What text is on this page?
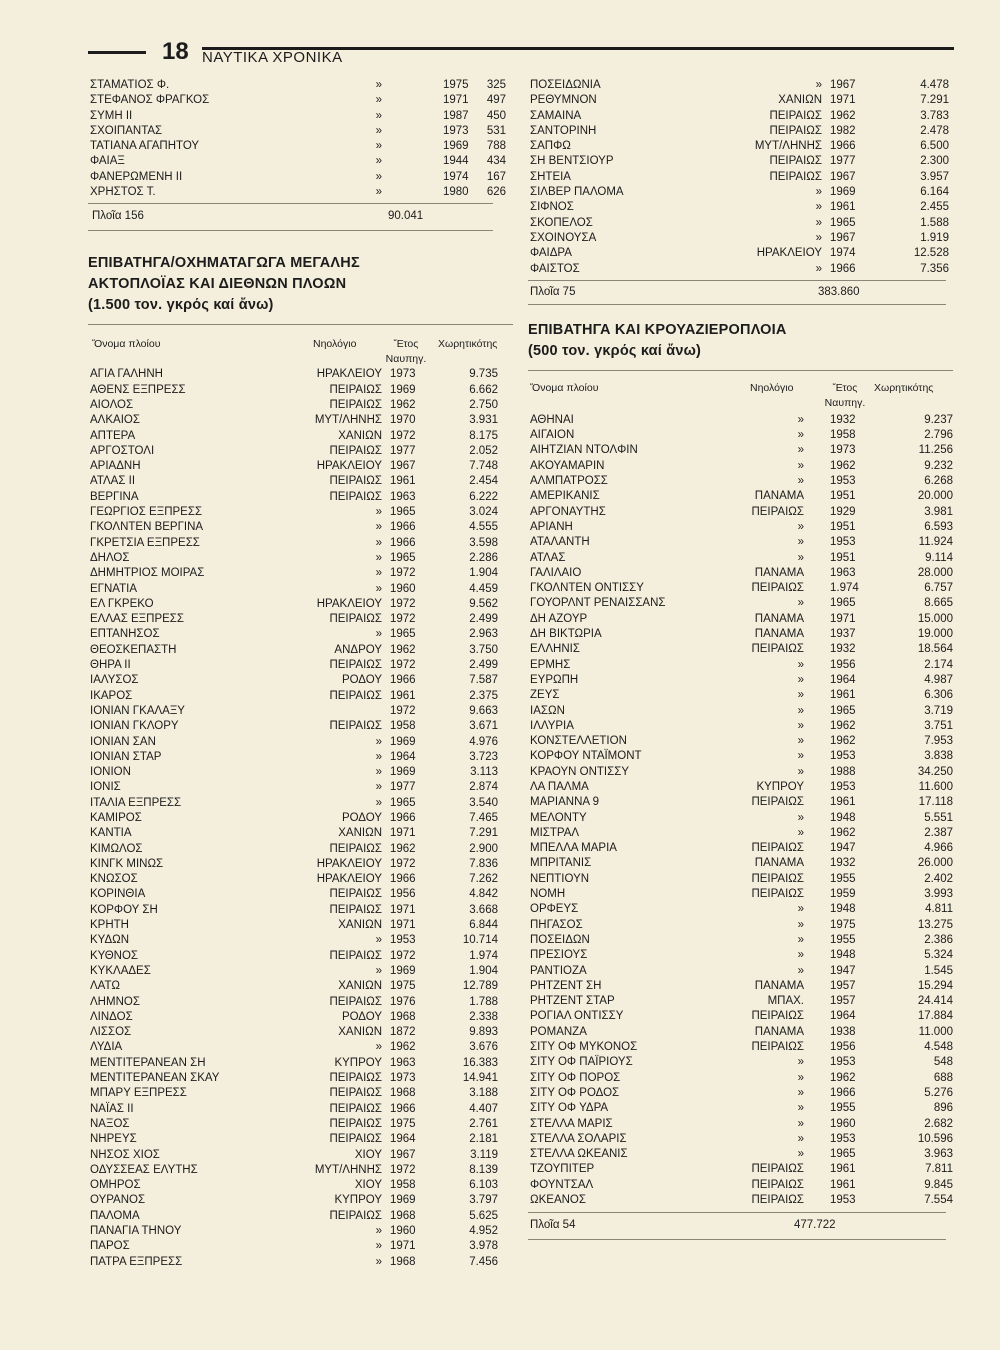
18 ΝΑΥΤΙΚΑ ΧΡΟΝΙΚΑ
ΣΤΑΜΑΤΙΟΣ Φ.	»	1975 325
ΣΤΕΦΑΝΟΣ ΦΡΑΓΚΟΣ	»	1971 497
ΣΥΜΗ ΙΙ	»	1987 450
ΣΧΟΙΠΑΝΤΑΣ	»	1973 531
ΤΑΤΙΑΝΑ ΑΓΑΠΗΤΟΥ	»	1969 788
ΦΑΙΑΞ	»	1944 434
ΦΑΝΕΡΩΜΕΝΗ ΙΙ	»	1974 167
ΧΡΗΣΤΟΣ Τ.	»	1980 626
Πλοῖα 156	90.041
ΕΠΙΒΑΤΗΓΑ/ΟΧΗΜΑΤΑΓΩΓΑ ΜΕΓΑΛΗΣ
ΑΚΤΟΠΛΟΪΑΣ ΚΑΙ ΔΙΕΘΝΩΝ ΠΛΟΩΝ
(1.500 τον. γκρός καί ἄνω)
Ὄνομα πλοίου	Νηολόγιο	Ἔτος
Ναυπηγ.
Χωρητικότης
ΑΓΙΑ ΓΑΛΗΝΗ	ΗΡΑΚΛΕΙΟΥ 1973	9.735
ΑΘΕΝΣ ΕΞΠΡΕΣΣ	ΠΕΙΡΑΙΩΣ 1969	6.662
ΑΙΟΛΟΣ	ΠΕΙΡΑΙΩΣ 1962	2.750
ΑΛΚΑΙΟΣ	ΜΥΤ/ΛΗΝΗΣ 1970	3.931
ΑΠΤΕΡΑ	ΧΑΝΙΩΝ 1972	8.175
ΑΡΓΟΣΤΟΛΙ	ΠΕΙΡΑΙΩΣ 1977	2.052
ΑΡΙΑΔΝΗ	ΗΡΑΚΛΕΙΟΥ 1967	7.748
ΑΤΛΑΣ ΙΙ	ΠΕΙΡΑΙΩΣ 1961	2.454
ΒΕΡΓΙΝΑ	ΠΕΙΡΑΙΩΣ 1963	6.222
ΓΕΩΡΓΙΟΣ ΕΞΠΡΕΣΣ	» 1965	3.024
ΓΚΟΛΝΤΕΝ ΒΕΡΓΙΝΑ	» 1966	4.555
ΓΚΡΕΤΣΙΑ ΕΞΠΡΕΣΣ	» 1966	3.598
ΔΗΛΟΣ	» 1965	2.286
ΔΗΜΗΤΡΙΟΣ ΜΟΙΡΑΣ	» 1972	1.904
ΕΓΝΑΤΙΑ	» 1960	4.459
ΕΛ ΓΚΡΕΚΟ	ΗΡΑΚΛΕΙΟΥ 1972	9.562
ΕΛΛΑΣ ΕΞΠΡΕΣΣ	ΠΕΙΡΑΙΩΣ 1972	2.499
ΕΠΤΑΝΗΣΟΣ	» 1965	2.963
ΘΕΟΣΚΕΠΑΣΤΗ	ΑΝΔΡΟΥ 1962	3.750
ΘΗΡΑ ΙΙ	ΠΕΙΡΑΙΩΣ 1972	2.499
ΙΑΛΥΣΟΣ	ΡΟΔΟΥ 1966	7.587
ΙΚΑΡΟΣ	ΠΕΙΡΑΙΩΣ 1961	2.375
ΙΟΝΙΑΝ ΓΚΑΛΑΞΥ	1972	9.663
ΙΟΝΙΑΝ ΓΚΛΟΡΥ	ΠΕΙΡΑΙΩΣ 1958	3.671
ΙΟΝΙΑΝ ΣΑΝ	» 1969	4.976
ΙΟΝΙΑΝ ΣΤΑΡ	» 1964	3.723
ΙΟΝΙΟΝ	» 1969	3.113
ΙΟΝΙΣ	» 1977	2.874
ΙΤΑΛΙΑ ΕΞΠΡΕΣΣ	» 1965	3.540
ΚΑΜΙΡΟΣ	ΡΟΔΟΥ 1966	7.465
ΚΑΝΤΙΑ	ΧΑΝΙΩΝ 1971	7.291
ΚΙΜΩΛΟΣ	ΠΕΙΡΑΙΩΣ 1962	2.900
ΚΙΝΓΚ ΜΙΝΩΣ	ΗΡΑΚΛΕΙΟΥ 1972	7.836
ΚΝΩΣΟΣ	ΗΡΑΚΛΕΙΟΥ 1966	7.262
ΚΟΡΙΝΘΙΑ	ΠΕΙΡΑΙΩΣ 1956	4.842
ΚΟΡΦΟΥ ΣΗ	ΠΕΙΡΑΙΩΣ 1971	3.668
ΚΡΗΤΗ	ΧΑΝΙΩΝ 1971	6.844
ΚΥΔΩΝ	» 1953	10.714
ΚΥΘΝΟΣ	ΠΕΙΡΑΙΩΣ 1972	1.974
ΚΥΚΛΑΔΕΣ	» 1969	1.904
ΛΑΤΩ	ΧΑΝΙΩΝ 1975	12.789
ΛΗΜΝΟΣ	ΠΕΙΡΑΙΩΣ 1976	1.788
ΛΙΝΔΟΣ	ΡΟΔΟΥ 1968	2.338
ΛΙΣΣΟΣ	ΧΑΝΙΩΝ 1872	9.893
ΛΥΔΙΑ	» 1962	3.676
ΜΕΝΤΙΤΕΡΑΝΕΑΝ ΣΗ	ΚΥΠΡΟΥ 1963	16.383
ΜΕΝΤΙΤΕΡΑΝΕΑΝ ΣΚΑΥ	ΠΕΙΡΑΙΩΣ 1973	14.941
ΜΠΑΡΥ ΕΞΠΡΕΣΣ	ΠΕΙΡΑΙΩΣ 1968	3.188
ΝΑΪΑΣ ΙΙ	ΠΕΙΡΑΙΩΣ 1966	4.407
ΝΑΞΟΣ	ΠΕΙΡΑΙΩΣ 1975	2.761
ΝΗΡΕΥΣ	ΠΕΙΡΑΙΩΣ 1964	2.181
ΝΗΣΟΣ ΧΙΟΣ	ΧΙΟΥ 1967	3.119
ΟΔΥΣΣΕΑΣ ΕΛΥΤΗΣ	ΜΥΤ/ΛΗΝΗΣ 1972	8.139
ΟΜΗΡΟΣ	ΧΙΟΥ 1958	6.103
ΟΥΡΑΝΟΣ	ΚΥΠΡΟΥ 1969	3.797
ΠΑΛΟΜΑ	ΠΕΙΡΑΙΩΣ 1968	5.625
ΠΑΝΑΓΙΑ ΤΗΝΟΥ	» 1960	4.952
ΠΑΡΟΣ	» 1971	3.978
ΠΑΤΡΑ ΕΞΠΡΕΣΣ	» 1968	7.456
ΠΟΣΕΙΔΩΝΙΑ	» 1967	4.478
ΡΕΘΥΜΝΟΝ	ΧΑΝΙΩΝ 1971	7.291
ΣΑΜΑΙΝΑ	ΠΕΙΡΑΙΩΣ 1962	3.783
ΣΑΝΤΟΡΙΝΗ	ΠΕΙΡΑΙΩΣ 1982	2.478
ΣΑΠΦΩ	ΜΥΤ/ΛΗΝΗΣ 1966	6.500
ΣΗ ΒΕΝΤΣΙΟΥΡ	ΠΕΙΡΑΙΩΣ 1977	2.300
ΣΗΤΕΙΑ	ΠΕΙΡΑΙΩΣ 1967	3.957
ΣΙΛΒΕΡ ΠΑΛΟΜΑ	» 1969	6.164
ΣΙΦΝΟΣ	» 1961	2.455
ΣΚΟΠΕΛΟΣ	» 1965	1.588
ΣΧΟΙΝΟΥΣΑ	» 1967	1.919
ΦΑΙΔΡΑ	ΗΡΑΚΛΕΙΟΥ 1974	12.528
ΦΑΙΣΤΟΣ	» 1966	7.356
Πλοῖα 75	383.860
ΕΠΙΒΑΤΗΓΑ ΚΑΙ ΚΡΟΥΑΖΙΕΡΟΠΛΟΙΑ
(500 τον. γκρός καί ἄνω)
Ὄνομα πλοίου	Νηολόγιο	Ἔτος
Ναυπηγ.
Χωρητικότης
ΑΘΗΝΑΙ	» 1932	9.237
ΑΙΓΑΙΟΝ	» 1958	2.796
ΑΙΗΤΖΙΑΝ ΝΤΟΛΦΙΝ	» 1973	11.256
ΑΚΟΥΑΜΑΡΙΝ	» 1962	9.232
ΑΛΜΠΑΤΡΟΣΣ	» 1953	6.268
ΑΜΕΡΙΚΑΝΙΣ	ΠΑΝΑΜΑ 1951	20.000
ΑΡΓΟΝΑΥΤΗΣ	ΠΕΙΡΑΙΩΣ 1929	3.981
ΑΡΙΑΝΗ	» 1951	6.593
ΑΤΑΛΑΝΤΗ	» 1953	11.924
ΑΤΛΑΣ	» 1951	9.114
ΓΑΛΙΛΑΙΟ	ΠΑΝΑΜΑ 1963	28.000
ΓΚΟΛΝΤΕΝ ΟΝΤΙΣΣΥ	ΠΕΙΡΑΙΩΣ 1.974	6.757
ΓΟΥΟΡΛΝΤ ΡΕΝΑΙΣΣΑΝΣ	» 1965	8.665
ΔΗ ΑΖΟΥΡ	ΠΑΝΑΜΑ 1971	15.000
ΔΗ ΒΙΚΤΩΡΙΑ	ΠΑΝΑΜΑ 1937	19.000
ΕΛΛΗΝΙΣ	ΠΕΙΡΑΙΩΣ 1932	18.564
ΕΡΜΗΣ	» 1956	2.174
ΕΥΡΩΠΗ	» 1964	4.987
ΖΕΥΣ	» 1961	6.306
ΙΑΣΩΝ	» 1965	3.719
ΙΛΛΥΡΙΑ	» 1962	3.751
ΚΟΝΣΤΕΛΛΕΤΙΟΝ	» 1962	7.953
ΚΟΡΦΟΥ ΝΤΑΪΜΟΝΤ	» 1953	3.838
ΚΡΑΟΥΝ ΟΝΤΙΣΣΥ	» 1988	34.250
ΛΑ ΠΑΛΜΑ	ΚΥΠΡΟΥ 1953	11.600
ΜΑΡΙΑΝΝΑ 9	ΠΕΙΡΑΙΩΣ 1961	17.118
ΜΕΛΟΝΤΥ	» 1948	5.551
ΜΙΣΤΡΑΛ	» 1962	2.387
ΜΠΕΛΛΑ ΜΑΡΙΑ	ΠΕΙΡΑΙΩΣ 1947	4.966
ΜΠΡΙΤΑΝΙΣ	ΠΑΝΑΜΑ 1932	26.000
ΝΕΠΤΙΟΥΝ	ΠΕΙΡΑΙΩΣ 1955	2.402
ΝΟΜΗ	ΠΕΙΡΑΙΩΣ 1959	3.993
ΟΡΦΕΥΣ	» 1948	4.811
ΠΗΓΑΣΟΣ	» 1975	13.275
ΠΟΣΕΙΔΩΝ	» 1955	2.386
ΠΡΕΣΙΟΥΣ	» 1948	5.324
ΡΑΝΤΙΟΖΑ	» 1947	1.545
ΡΗΤΖΕΝΤ ΣΗ	ΠΑΝΑΜΑ 1957	15.294
ΡΗΤΖΕΝΤ ΣΤΑΡ	ΜΠΑΧ. 1957	24.414
ΡΟΓΙΑΛ ΟΝΤΙΣΣΥ	ΠΕΙΡΑΙΩΣ 1964	17.884
ΡΟΜΑΝΖΑ	ΠΑΝΑΜΑ 1938	11.000
ΣΙΤΥ ΟΦ ΜΥΚΟΝΟΣ	ΠΕΙΡΑΙΩΣ 1956	4.548
ΣΙΤΥ ΟΦ ΠΑΪΡΙΟΥΣ	» 1953	548
ΣΙΤΥ ΟΦ ΠΟΡΟΣ	» 1962	688
ΣΙΤΥ ΟΦ ΡΟΔΟΣ	» 1966	5.276
ΣΙΤΥ ΟΦ ΥΔΡΑ	» 1955	896
ΣΤΕΛΛΑ ΜΑΡΙΣ	» 1960	2.682
ΣΤΕΛΛΑ ΣΟΛΑΡΙΣ	» 1953	10.596
ΣΤΕΛΛΑ ΩΚΕΑΝΙΣ	» 1965	3.963
ΤΖΟΥΠΙΤΕΡ	ΠΕΙΡΑΙΩΣ 1961	7.811
ΦΟΥΝΤΣΑΛ	ΠΕΙΡΑΙΩΣ 1961	9.845
ΩΚΕΑΝΟΣ	ΠΕΙΡΑΙΩΣ 1953	7.554
Πλοῖα 54	477.722
